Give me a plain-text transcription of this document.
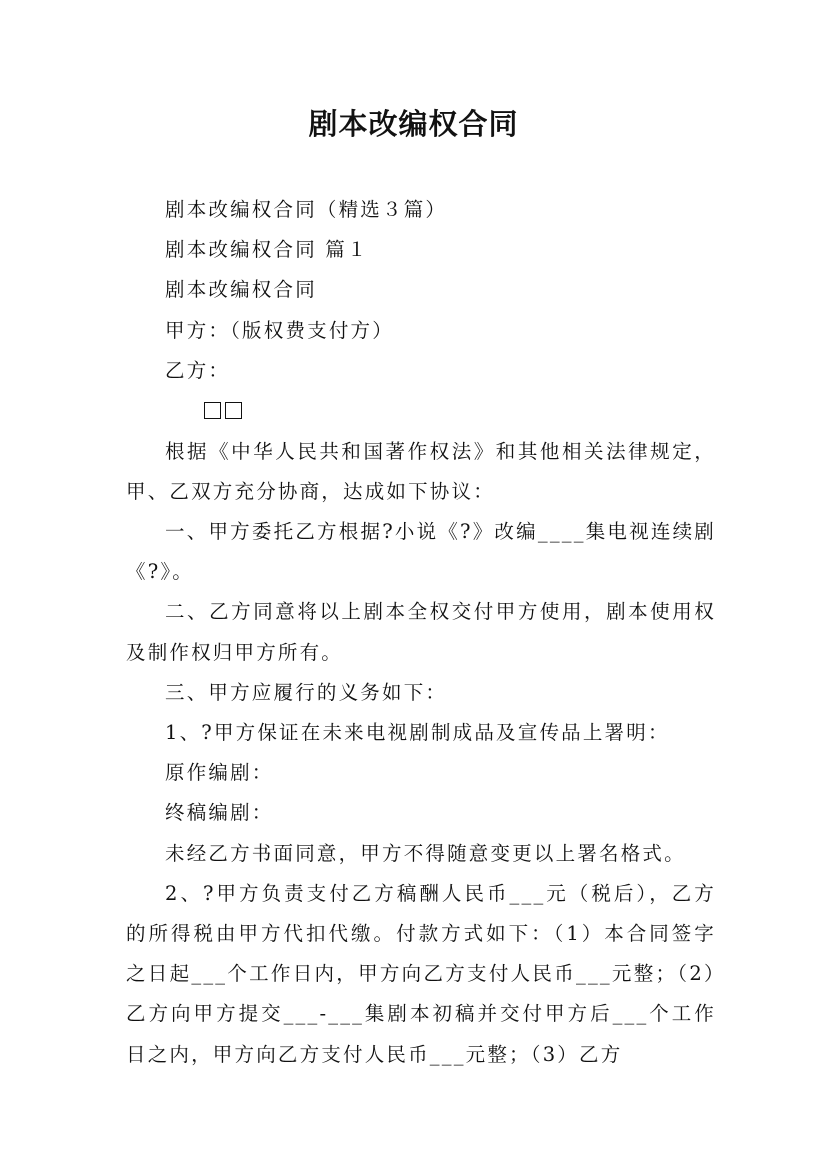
剧本改编权合同

剧本改编权合同（精选３篇）

剧本改编权合同 篇１

剧本改编权合同

甲方：（版权费支付方）

乙方：

根据《中华人民共和国著作权法》和其他相关法律规定，甲、乙双方充分协商，达成如下协议：

一、甲方委托乙方根据?小说《?》改编____集电视连续剧《?》。

二、乙方同意将以上剧本全权交付甲方使用，剧本使用权及制作权归甲方所有。

三、甲方应履行的义务如下：

1、?甲方保证在未来电视剧制成品及宣传品上署明：

原作编剧：

终稿编剧：

未经乙方书面同意，甲方不得随意变更以上署名格式。

2、?甲方负责支付乙方稿酬人民币___元（税后），乙方的所得税由甲方代扣代缴。付款方式如下：（1）本合同签字之日起___个工作日内，甲方向乙方支付人民币___元整；（2）乙方向甲方提交___-___集剧本初稿并交付甲方后___个工作日之内，甲方向乙方支付人民币___元整；（3）乙方
